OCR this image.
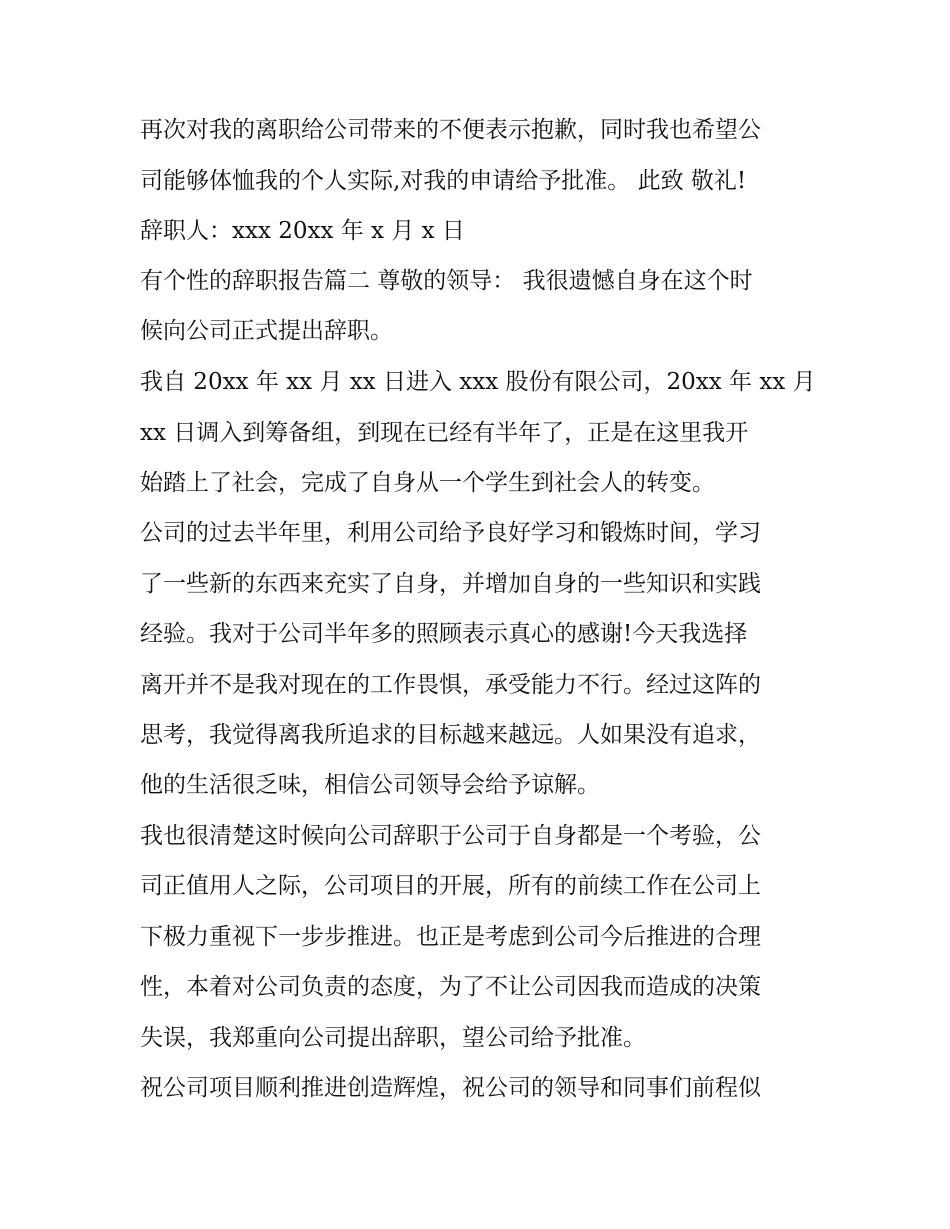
再次对我的离职给公司带来的不便表示抱歉，同时我也希望公
司能够体恤我的个人实际,对我的申请给予批准。 此致 敬礼!
辞职人：xxx 20xx 年 x 月 x 日
有个性的辞职报告篇二 尊敬的领导： 我很遗憾自身在这个时
候向公司正式提出辞职。
我自 20xx 年 xx 月 xx 日进入 xxx 股份有限公司，20xx 年 xx 月
xx 日调入到筹备组，到现在已经有半年了，正是在这里我开
始踏上了社会，完成了自身从一个学生到社会人的转变。
公司的过去半年里，利用公司给予良好学习和锻炼时间，学习
了一些新的东西来充实了自身，并增加自身的一些知识和实践
经验。我对于公司半年多的照顾表示真心的感谢!今天我选择
离开并不是我对现在的工作畏惧，承受能力不行。经过这阵的
思考，我觉得离我所追求的目标越来越远。人如果没有追求，
他的生活很乏味，相信公司领导会给予谅解。
我也很清楚这时候向公司辞职于公司于自身都是一个考验，公
司正值用人之际，公司项目的开展，所有的前续工作在公司上
下极力重视下一步步推进。也正是考虑到公司今后推进的合理
性，本着对公司负责的态度，为了不让公司因我而造成的决策
失误，我郑重向公司提出辞职，望公司给予批准。
祝公司项目顺利推进创造辉煌，祝公司的领导和同事们前程似
